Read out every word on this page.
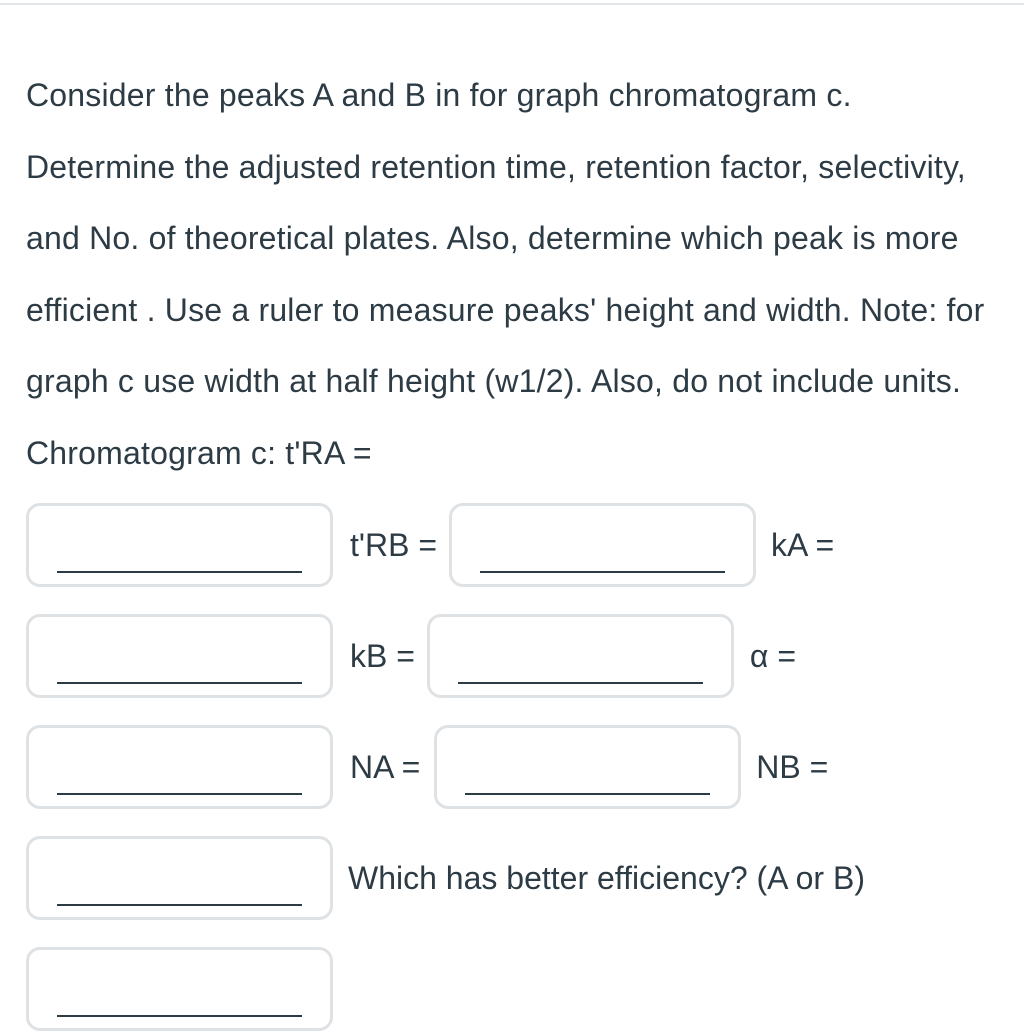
Consider the peaks A and B in for graph chromatogram c. Determine the adjusted retention time, retention factor, selectivity, and No. of theoretical plates. Also, determine which peak is more efficient . Use a ruler to measure peaks' height and width. Note: for graph c use width at half height (w1/2). Also, do not include units. Chromatogram c: t'RA =

t'RB =	kA =
kB =	α =
NA =	NB =
Which has better efficiency? (A or B)
